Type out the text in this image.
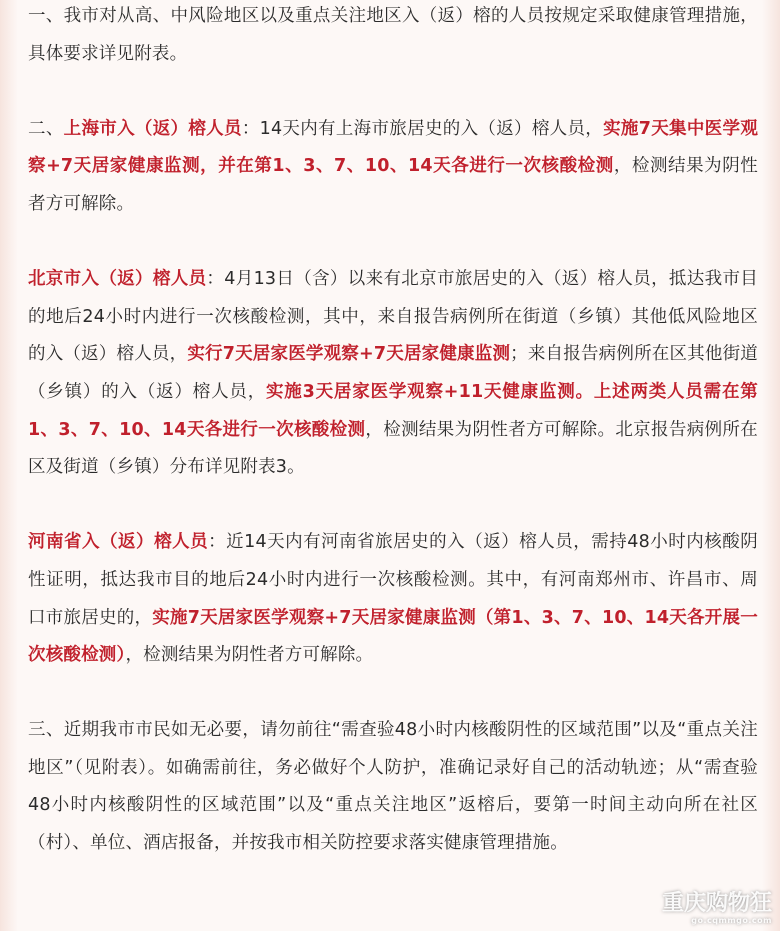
一、我市对从高、中风险地区以及重点关注地区入（返）榕的人员按规定采取健康管理措施，具体要求详见附表。

二、上海市入（返）榕人员：14天内有上海市旅居史的入（返）榕人员，实施7天集中医学观察+7天居家健康监测，并在第1、3、7、10、14天各进行一次核酸检测，检测结果为阴性者方可解除。

北京市入（返）榕人员：4月13日（含）以来有北京市旅居史的入（返）榕人员，抵达我市目的地后24小时内进行一次核酸检测，其中，来自报告病例所在街道（乡镇）其他低风险地区的入（返）榕人员，实行7天居家医学观察+7天居家健康监测；来自报告病例所在区其他街道（乡镇）的入（返）榕人员，实施3天居家医学观察+11天健康监测。上述两类人员需在第1、3、7、10、14天各进行一次核酸检测，检测结果为阴性者方可解除。北京报告病例所在区及街道（乡镇）分布详见附表3。

河南省入（返）榕人员：近14天内有河南省旅居史的入（返）榕人员，需持48小时内核酸阴性证明，抵达我市目的地后24小时内进行一次核酸检测。其中，有河南郑州市、许昌市、周口市旅居史的，实施7天居家医学观察+7天居家健康监测（第1、3、7、10、14天各开展一次核酸检测），检测结果为阴性者方可解除。

三、近期我市市民如无必要，请勿前往“需查验48小时内核酸阴性的区域范围”以及“重点关注地区”（见附表）。如确需前往，务必做好个人防护，准确记录好自己的活动轨迹；从“需查验48小时内核酸阴性的区域范围”以及“重点关注地区”返榕后，要第一时间主动向所在社区（村）、单位、酒店报备，并按我市相关防控要求落实健康管理措施。

重庆购物狂
go.cqmmgo.com
